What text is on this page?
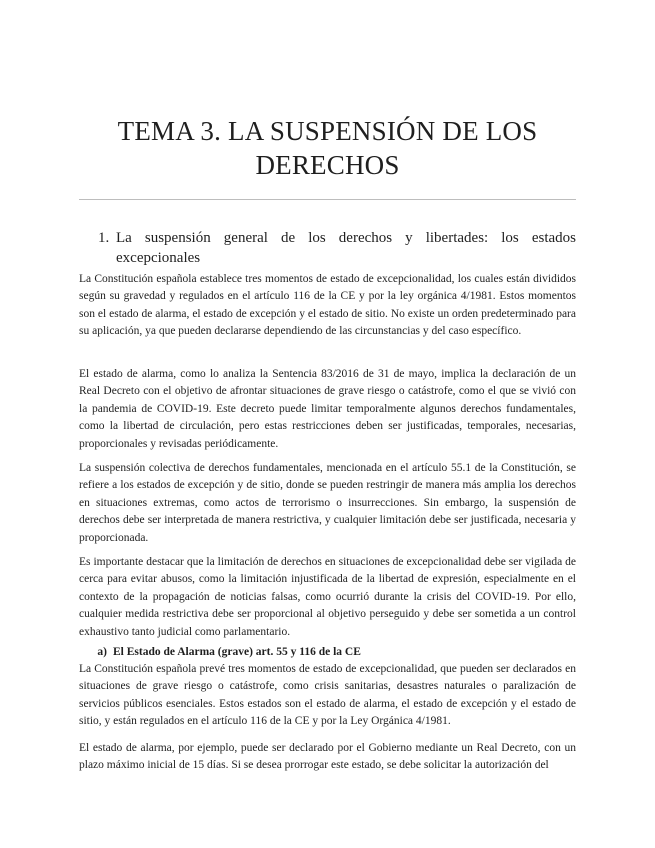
TEMA 3. LA SUSPENSIÓN DE LOS DERECHOS
1. La suspensión general de los derechos y libertades: los estados excepcionales

La Constitución española establece tres momentos de estado de excepcionalidad, los cuales están divididos según su gravedad y regulados en el artículo 116 de la CE y por la ley orgánica 4/1981. Estos momentos son el estado de alarma, el estado de excepción y el estado de sitio. No existe un orden predeterminado para su aplicación, ya que pueden declararse dependiendo de las circunstancias y del caso específico.

El estado de alarma, como lo analiza la Sentencia 83/2016 de 31 de mayo, implica la declaración de un Real Decreto con el objetivo de afrontar situaciones de grave riesgo o catástrofe, como el que se vivió con la pandemia de COVID-19. Este decreto puede limitar temporalmente algunos derechos fundamentales, como la libertad de circulación, pero estas restricciones deben ser justificadas, temporales, necesarias, proporcionales y revisadas periódicamente.

La suspensión colectiva de derechos fundamentales, mencionada en el artículo 55.1 de la Constitución, se refiere a los estados de excepción y de sitio, donde se pueden restringir de manera más amplia los derechos en situaciones extremas, como actos de terrorismo o insurrecciones. Sin embargo, la suspensión de derechos debe ser interpretada de manera restrictiva, y cualquier limitación debe ser justificada, necesaria y proporcionada.

Es importante destacar que la limitación de derechos en situaciones de excepcionalidad debe ser vigilada de cerca para evitar abusos, como la limitación injustificada de la libertad de expresión, especialmente en el contexto de la propagación de noticias falsas, como ocurrió durante la crisis del COVID-19. Por ello, cualquier medida restrictiva debe ser proporcional al objetivo perseguido y debe ser sometida a un control exhaustivo tanto judicial como parlamentario.

a) El Estado de Alarma (grave) art. 55 y 116 de la CE

La Constitución española prevé tres momentos de estado de excepcionalidad, que pueden ser declarados en situaciones de grave riesgo o catástrofe, como crisis sanitarias, desastres naturales o paralización de servicios públicos esenciales. Estos estados son el estado de alarma, el estado de excepción y el estado de sitio, y están regulados en el artículo 116 de la CE y por la Ley Orgánica 4/1981.

El estado de alarma, por ejemplo, puede ser declarado por el Gobierno mediante un Real Decreto, con un plazo máximo inicial de 15 días. Si se desea prorrogar este estado, se debe solicitar la autorización del
